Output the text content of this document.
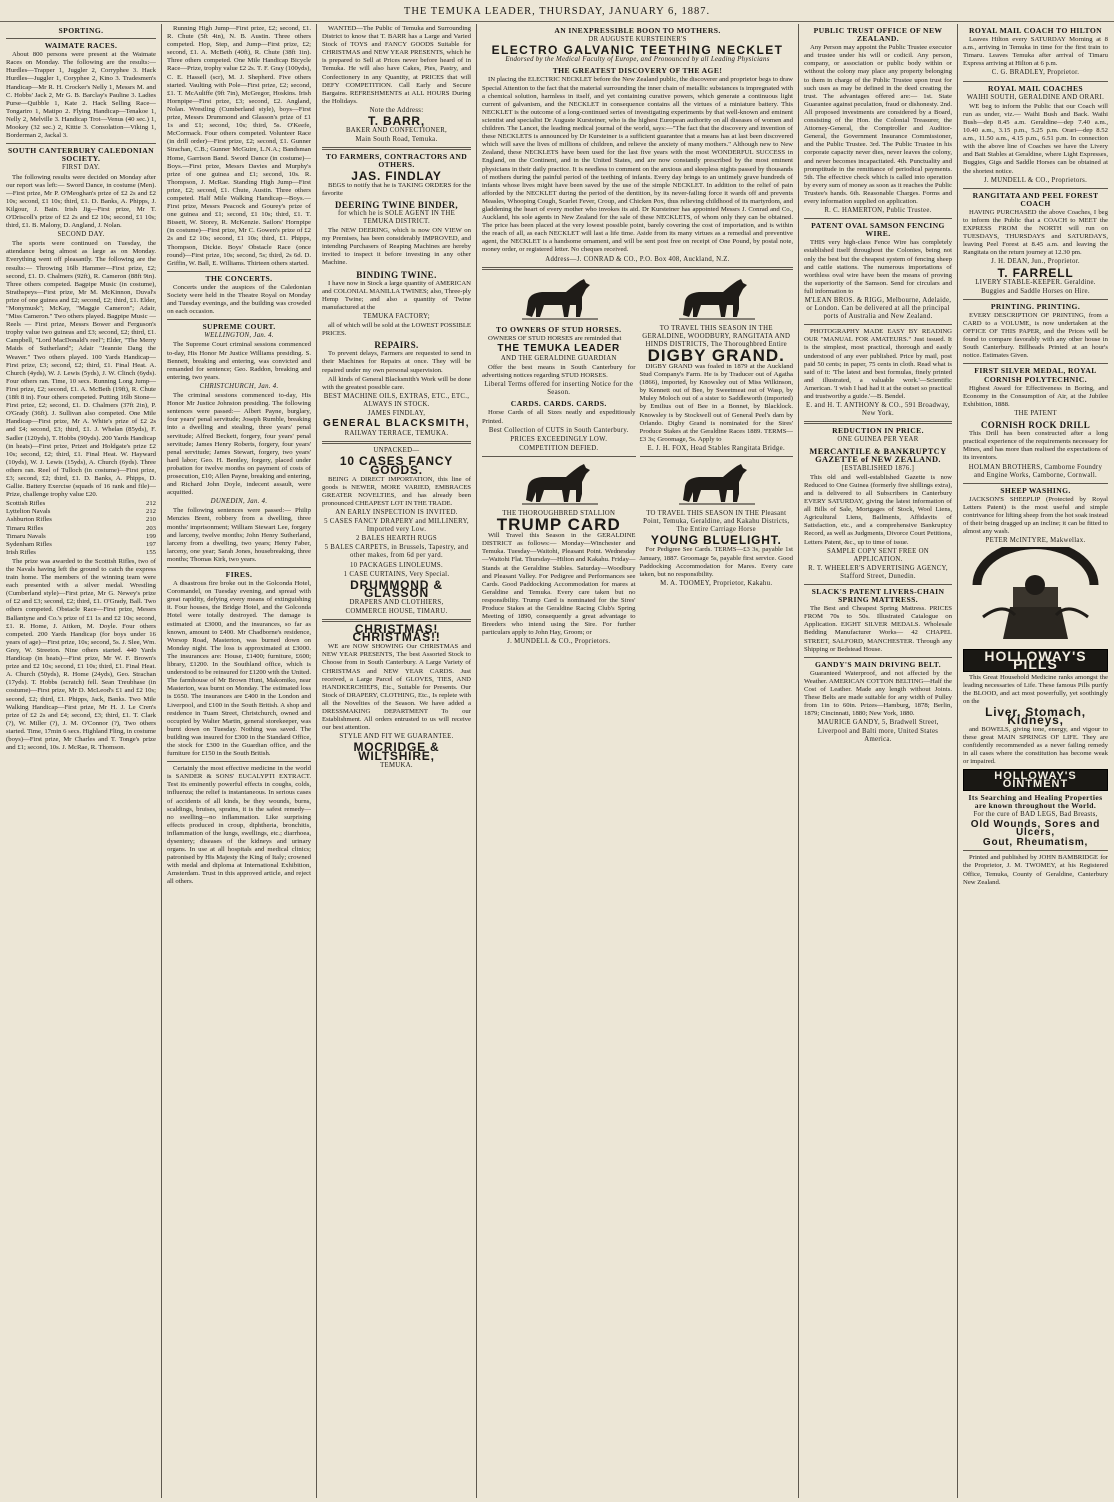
THE TEMUKA LEADER, THURSDAY, JANUARY 6, 1887.
SPORTING.
WAIMATE RACES.
About 800 persons were present at the Waimate Races on Monday. The following are the results:— Hurdles—Trapper 1, Juggler 2, Corryphee 3. Hack Hurdles—Juggler 1, Coryphee 2, Kino 3. Tradesmen's Handicap—Mr R. H. Crocker's Nelly 1, Messrs M. and C. Hobbs' Jack 2, Mr G. B. Barclay's Pauline 3. Ladies Purse—Quibble 1, Kate 2. Hack Selling Race—Tongariro 1, Matipo 2. Flying Handicap—Tenakoe 1, Nelly 2, Melville 3. Handicap Trot—Venus (40 sec.) 1, Mookey (32 sec.) 2, Kittie 3. Consolation—Viking 1, Borderman 2, Jackal 3.
SOUTH CANTERBURY CALEDONIAN SOCIETY.
FIRST DAY.
The following results were decided on Monday after our report was left:— Sword Dance, in costume (Men).—First prize, Mr P. O'Meoghan's prize of £2 2s and £2 10s; second, £1 10s; third, £1. D. Banks, A. Phipps, J. Kilgour, J. Bain. Irish Jig—First prize, Mr T. O'Driscoll's prize of £2 2s and £2 10s; second, £1 10s; third, £1. B. Malony, D. Angland, J. Nolan.
SECOND DAY.
The sports were continued on Tuesday, the attendance being almost as large as on Monday. Everything went off pleasantly. The following are the results:— Throwing 16lb Hammer—First prize, £2; second, £1. D. Chalmers (92ft), R. Cameron (88ft 9in). Three others competed. Bagpipe Music (in costume), Strathspeys—First prize, Mr M. McKinnon, Duval's prize of one guinea and £2; second, £2; third, £1. Elder, "Monymusk"; McKay, "Maggie Cameron"; Adair, "Miss Cameron." Two others played. Bagpipe Music — Reels — First prize, Messrs Bower and Ferguson's trophy value two guineas and £3; second, £2; third, £1. Campbell, "Lord MacDonald's reel"; Elder, "The Merry Maids of Sutherland"; Adair "Jeannie Dang the Weaver." Two others played. 100 Yards Handicap—First prize, £3; second, £2; third, £1. Final Heat. A. Church (4yds), W. J. Lewis (5yds), J. W. Clinch (6yds). Four others ran. Time, 10 secs. Running Long Jump—First prize, £2; second, £1. A. McBeth (19ft), R. Chute (18ft 8 in). Four others competed. Putting 16lb Stone—First prize, £2; second, £1. D. Chalmers (37ft 2in), P. O'Grady (36ft). J. Sullivan also competed. One Mile Handicap—First prize, Mr A. White's prize of £2 2s and £4; second, £3; third, £1. J. Whelan (85yds), F. Sadler (120yds), T. Hobbs (90yds). 200 Yards Handicap (in heats)—First prize, Prizet and Holdgate's prize £2 10s; second, £2; third, £1. Final Heat. W. Hayward (10yds), W. J. Lewis (15yds), A. Church (6yds). Three others ran. Reel of Tulloch (in costume)—First prize, £3; second, £2; third, £1. D. Banks, A. Phipps, D. Gallie. Battery Exercise (squads of 16 rank and file)—Prize, challenge trophy value £20.
Scottish Rifles	212
Lyttelton Navals	212
Ashburton Rifles	210
Timaru Rifles	203
Timaru Navals	199
Sydenham Rifles	197
Irish Rifles	155
The prize was awarded to the Scottish Rifles, two of the Navals having left the ground to catch the express train home. The members of the winning team were each presented with a silver medal. Wrestling (Cumberland style)—First prize, Mr G. Newey's prize of £2 and £3; second, £2; third, £1. O'Grady, Ball. Two others competed. Obstacle Race—First prize, Messrs Ballantyne and Co.'s prize of £1 1s and £2 10s; second, £1. R. Home, J. Aitken, M. Doyle. Four others competed. 200 Yards Handicap (for boys under 16 years of age)—First prize, 10s; second, 5s. J. Slee, Wm. Grey, W. Streeton. Nine others started. 440 Yards Handicap (in heats)—First prize, Mr W. F. Brown's prize and £2 10s; second, £1 10s; third, £1. Final Heat. A. Church (50yds), R. Home (24yds), Geo. Strachan (17yds). T. Hobbs (scratch) fell. Sean Treubhase (in costume)—First prize, Mr D. McLeod's £1 and £2 10s; second, £2; third, £1. Phipps, Jack, Banks. Two Mile Walking Handicap—First prize, Mr H. J. Le Cren's prize of £2 2s and £4; second, £3; third, £1. T. Clark (?), W. Miller (?), J. M. O'Connor (?), Two others started. Time, 17min 6 secs. Highland Fling, in costume (boys)—First prize, Mr Charles and T. Tonge's prize and £1; second, 10s. J. McRae, R. Thomson.
Running High Jump—First prize, £2; second, £1. R. Chute (5ft 4in), N. B. Austin. Three others competed. Hop, Step, and Jump—First prize, £2; second, £1. A. McBeth (40ft), R. Chute (38ft 1in). Three others competed. One Mile Handicap Bicycle Race—Prize, trophy value £2 2s. T. F. Gray (100yds), C. E. Hassell (scr), M. J. Shepherd. Five others started. Vaulting with Pole—First prize, £2; second, £1. T. McAuliffe (9ft 7in), McGregor, Hoskins. Irish Hornpipe—First prize, £3; second, £2. Angland, Nolan. Wrestling (Cumberland style), boys—First prize, Messrs Drummond and Glasson's prize of £1 1s and £1; second, 10s; third, 5s. O'Keefe, McCormack. Four others competed. Volunteer Race (in drill order)—First prize, £2; second, £1. Gunner Strachan, C.B.; Gunner McGuire, L.N.A.; Bandsman Home, Garrison Band. Sword Dance (in costume)—Boys.—First prize, Messrs Davies and Murphy's prize of one guinea and £1; second, 10s. R. Thompson, J. McRae. Standing High Jump—First prize, £2; second, £1. Chute, Austin. Three others competed. Half Mile Walking Handicap—Boys.—First prize, Messrs Peacock and Gourey's prize of one guinea and £1; second, £1 10s; third, £1. T. Bissett, W. Storey, R. McKenzie. Sailors' Hornpipe (in costume)—First prize, Mr C. Gowen's prize of £2 2s and £2 10s; second, £1 10s; third, £1. Phipps, Thompson, Dickie. Boys' Obstacle Race (once round)—First prize, 10s; second, 5s; third, 2s 6d. D. Griffin, W. Ball, E. Williams. Thirteen others started.
THE CONCERTS.
Concerts under the auspices of the Caledonian Society were held in the Theatre Royal on Monday and Tuesday evenings, and the building was crowded on each occasion.
SUPREME COURT.
WELLINGTON, Jan. 4.
The Supreme Court criminal sessions commenced to-day, His Honor Mr Justice Williams presiding. S. Bennett, breaking and entering, was convicted and remanded for sentence; Geo. Raddon, breaking and entering, two years.
CHRISTCHURCH, Jan. 4.
The criminal sessions commenced to-day, His Honor Mr Justice Johnston presiding. The following sentences were passed:— Albert Payne, burglary, four years' penal servitude; Joseph Rumble, breaking into a dwelling and stealing, three years' penal servitude; Alfred Beckett, forgery, four years' penal servitude; James Henry Roberts, forgery, four years' penal servitude; James Stewart, forgery, two years' hard labor; Geo. H. Bentley, forgery, placed under probation for twelve months on payment of costs of prosecution, £10; Allen Payne, breaking and entering, and Richard John Doyle, indecent assault, were acquitted.
DUNEDIN, Jan. 4.
The following sentences were passed:— Philip Menzies Brent, robbery from a dwelling, three months' imprisonment; William Stewart Lee, forgery and larceny, twelve months; John Henry Sutherland, larceny from a dwelling, two years; Henry Faber, larceny, one year; Sarah Jones, housebreaking, three months; Thomas Kirk, two years.
FIRES.
A disastrous fire broke out in the Golconda Hotel, Coromandel, on Tuesday evening, and spread with great rapidity, defying every means of extinguishing it. Four houses, the Bridge Hotel, and the Golconda Hotel were totally destroyed. The damage is estimated at £3000, and the insurances, so far as known, amount to £400. Mr Chadborne's residence, Worsop Road, Masterton, was burned down on Monday night. The loss is approximated at £3000. The insurances are: House, £1400; furniture, £600; library, £1200. In the Southland office, which is understood to be reinsured for £1200 with the United. The farmhouse of Mr Brown Hunt, Makomiko, near Masterton, was burnt on Monday. The estimated loss is £650. The insurances are £400 in the London and Liverpool, and £100 in the South British. A shop and residence in Tuam Street, Christchurch, owned and occupied by Walter Martin, general storekeeper, was burnt down on Tuesday. Nothing was saved. The building was insured for £300 in the Standard Office, the stock for £300 in the Guardian office, and the furniture for £150 in the South British.
Certainly the most effective medicine in the world is SANDER & SONS' EUCALYPTI EXTRACT. Test its eminently powerful effects in coughs, colds, influenza; the relief is instantaneous. In serious cases of accidents of all kinds, be they wounds, burns, scaldings, bruises, sprains, it is the safest remedy—no swelling—no inflammation. Like surprising effects produced in croup, diphtheria, bronchitis, inflammation of the lungs, swellings, etc.; diarrhoea, dysentery; diseases of the kidneys and urinary organs. In use at all hospitals and medical clinics; patronised by His Majesty the King of Italy; crowned with medal and diploma at International Exhibition, Amsterdam. Trust in this approved article, and reject all others.
WANTED—The Public of Temuka and Surrounding District to know that T. BARR has a Large and Varied Stock of TOYS and FANCY GOODS Suitable for CHRISTMAS and NEW YEAR PRESENTS, which he is prepared to Sell at Prices never before heard of in Temuka. He will also have Cakes, Pies, Pastry, and Confectionery in any Quantity, at PRICES that will DEFY COMPETITION. Call Early and Secure Bargains. REFRESHMENTS at ALL HOURS During the Holidays.
Note the Address:
T. BARR,
BAKER AND CONFECTIONER,
Main South Road, Temuka.
TO FARMERS, CONTRACTORS AND OTHERS.
JAS. FINDLAY
BEGS to notify that he is TAKING ORDERS for the favorite
DEERING TWINE BINDER,
for which he is SOLE AGENT IN THE TEMUKA DISTRICT.
The NEW DEERING, which is now ON VIEW on my Premises, has been considerably IMPROVED, and intending Purchasers of Reaping Machines are hereby invited to inspect it before investing in any other Machine.
BINDING TWINE.
I have now in Stock a large quantity of AMERICAN and COLONIAL MANILLA TWINES; also, Three-ply Hemp Twine; and also a quantity of Twine manufactured at the
TEMUKA FACTORY;
all of which will be sold at the LOWEST POSSIBLE PRICES.
REPAIRS.
To prevent delays, Farmers are requested to send in their Machines for Repairs at once. They will be repaired under my own personal supervision.
All kinds of General Blacksmith's Work will be done with the greatest possible care.
BEST MACHINE OILS, EXTRAS, ETC., ETC., ALWAYS IN STOCK.
JAMES FINDLAY,
GENERAL BLACKSMITH,
RAILWAY TERRACE, TEMUKA.
UNPACKED—
10 CASES FANCY GOODS.
BEING A DIRECT IMPORTATION, this line of goods is NEWER, MORE VARIED, EMBRACES GREATER NOVELTIES, and has already been pronounced CHEAPEST LOT IN THE TRADE.
AN EARLY INSPECTION IS INVITED.
5 CASES FANCY DRAPERY and MILLINERY, Imported very Low.
2 BALES HEARTH RUGS
5 BALES CARPETS, in Brussels, Tapestry, and other makes, from 6d per yard.
10 PACKAGES LINOLEUMS.
1 CASE CURTAINS, Very Special.
DRUMMOND & GLASSON
DRAPERS AND CLOTHIERS,
COMMERCE HOUSE, TIMARU.
CHRISTMAS! CHRISTMAS!!
WE are NOW SHOWING Our CHRISTMAS and NEW YEAR PRESENTS, The best Assorted Stock to Choose from in South Canterbury. A Large Variety of CHRISTMAS and NEW YEAR CARDS. Just received, a Large Parcel of GLOVES, TIES, AND HANDKERCHIEFS, Etc., Suitable for Presents. Our Stock of DRAPERY, CLOTHING, Etc., Is replete with all the Novelties of the Season. We have added a DRESSMAKING DEPARTMENT To our Establishment. All orders entrusted to us will receive our best attention.
STYLE AND FIT WE GUARANTEE.
MOCRIDGE & WILTSHIRE,
TEMUKA.
AN INEXPRESSIBLE BOON TO MOTHERS.
DR AUGUSTE KURSTEINER'S
ELECTRO GALVANIC TEETHING NECKLET
Endorsed by the Medical Faculty of Europe, and Pronounced by all Leading Physicians
THE GREATEST DISCOVERY OF THE AGE!
IN placing the ELECTRIC NECKLET before the New Zealand public, the discoverer and proprietor begs to draw Special Attention to the fact that the material surrounding the inner chain of metallic substances is impregnated with a chemical solution, harmless in itself, and yet containing curative powers, which generate a continuous light current of galvanism, and the NECKLET in consequence contains all the virtues of a miniature battery. This NECKLET is the outcome of a long-continued series of investigating experiments by that well-known and eminent scientist and specialist Dr Auguste Kursteiner, who is the highest European authority on all diseases of women and children. The Lancet, the leading medical journal of the world, says:—"The fact that the discovery and invention of these NECKLETS is announced by Dr Kursteiner is a sufficient guarantee that a means has at last been discovered which will save the lives of millions of children, and relieve the anxiety of many mothers." Although new to New Zealand, these NECKLETS have been used for the last five years with the most WONDERFUL SUCCESS in England, on the Continent, and in the United States, and are now constantly prescribed by the most eminent physicians in their daily practice. It is needless to comment on the anxious and sleepless nights passed by thousands of mothers during the painful period of the teething of infants. Every day brings to an untimely grave hundreds of infants whose lives might have been saved by the use of the simple NECKLET. In addition to the relief of pain afforded by the NECKLET during the period of the dentition, by its never-failing force it wards off and prevents Measles, Whooping Cough, Scarlet Fever, Croup, and Chicken Pox, thus relieving childhood of its martyrdom, and gladdening the heart of every mother who invokes its aid. Dr Kursteiner has appointed Messrs J. Conrad and Co., Auckland, his sole agents in New Zealand for the sale of these NECKLETS, of whom only they can be obtained. The price has been placed at the very lowest possible point, barely covering the cost of importation, and is within the reach of all, as each NECKLET will last a life time. Aside from its many virtues as a remedial and preventive agent, the NECKLET is a handsome ornament, and will be sent post free on receipt of One Pound, by postal note, money order, or registered letter. No cheques received.
Address—J. CONRAD & CO., P.O. Box 408, Auckland, N.Z.
TO OWNERS OF STUD HORSES.
OWNERS OF STUD HORSES are reminded that
THE TEMUKA LEADER
AND THE GERALDINE GUARDIAN
Offer the best means in South Canterbury for advertising notices regarding STUD HORSES.
Liberal Terms offered for inserting Notice for the Season.
CARDS. CARDS. CARDS.
Horse Cards of all Sizes neatly and expeditiously Printed.
Best Collection of CUTS in South Canterbury.
PRICES EXCEEDINGLY LOW.
COMPETITION DEFIED.
THE THOROUGHBRED STALLION
TRUMP CARD
Will Travel this Season in the GERALDINE DISTRICT as follows:— Monday—Winchester and Temuka. Tuesday—Waitohi, Pleasant Point. Wednesday—Waitohi Flat. Thursday—Hilton and Kakahu. Friday—Stands at the Geraldine Stables. Saturday—Woodbury and Pleasant Valley. For Pedigree and Performances see Cards. Good Paddocking Accommodation for mares at Geraldine and Temuka. Every care taken but no responsibility. Trump Card is nominated for the Sires' Produce Stakes at the Geraldine Racing Club's Spring Meeting of 1890, consequently a great advantage to Breeders who intend using the Sire. For further particulars apply to John Hay, Groom; or
J. MUNDELL & CO., Proprietors.
TO TRAVEL THIS SEASON IN THE GERALDINE, WOODBURY, RANGITATA AND HINDS DISTRICTS, The Thoroughbred Entire
DIGBY GRAND.
DIGBY GRAND was foaled in 1879 at the Auckland Stud Company's Farm. He is by Traducer out of Agatha (1866), imported, by Knowsley out of Miss Wilkinson, by Kennett out of Bee, by Sweetmeat out of Wasp, by Muley Moloch out of a sister to Saddleworth (imported) by Emilius out of Bee in a Bonnet, by Blacklock. Knowsley is by Stockwell out of General Peel's dam by Orlando. Digby Grand is nominated for the Sires' Produce Stakes at the Geraldine Races 1889. TERMS—£3 3s; Groomage, 5s. Apply to
E. J. H. FOX, Head Stables Rangitata Bridge.
TO TRAVEL THIS SEASON IN THE Pleasant Point, Temuka, Geraldine, and Kakahu Districts, The Entire Carriage Horse
YOUNG BLUELIGHT.
For Pedigree See Cards. TERMS—£3 3s, payable 1st January, 1887. Groomage 5s, payable first service. Good Paddocking Accommodation for Mares. Every care taken, but no responsibility.
M. A. TOOMEY, Proprietor, Kakahu.
PUBLIC TRUST OFFICE OF NEW ZEALAND.
Any Person may appoint the Public Trustee executor and trustee under his will or codicil. Any person, company, or association or public body within or without the colony may place any property belonging to them in charge of the Public Trustee upon trust for such uses as may be defined in the deed creating the trust. The advantages offered are:— 1st. State Guarantee against peculation, fraud or dishonesty. 2nd. All proposed investments are considered by a Board, consisting of the Hon. the Colonial Treasurer, the Attorney-General, the Comptroller and Auditor-General, the Government Insurance Commissioner, and the Public Trustee. 3rd. The Public Trustee in his corporate capacity never dies, never leaves the colony, and never becomes incapacitated. 4th. Punctuality and promptitude in the remittance of periodical payments. 5th. The effective check which is called into operation by every sum of money as soon as it reaches the Public Trustee's hands. 6th. Reasonable Charges. Forms and every information supplied on application.
R. C. HAMERTON, Public Trustee.
PATENT OVAL SAMSON FENCING WIRE.
THIS very high-class Fence Wire has completely established itself throughout the Colonies, being not only the best but the cheapest system of fencing sheep and cattle stations. The numerous importations of worthless oval wire have been the means of proving the superiority of the Samson. Send for circulars and full information to
M'LEAN BROS. & RIGG, Melbourne, Adelaide, or London. Can be delivered at all the principal ports of Australia and New Zealand.
PHOTOGRAPHY MADE EASY BY READING OUR "MANUAL FOR AMATEURS." Just issued. It is the simplest, most practical, thorough and easily understood of any ever published. Price by mail, post paid 50 cents; in paper, 75 cents in cloth. Read what is said of it: 'The latest and best formulas, finely printed and illustrated, a valuable work.'—Scientific American. 'I wish I had had it at the outset so practical and trustworthy a guide.'—B. Bendel.
E. and H. T. ANTHONY & CO., 591 Broadway, New York.
REDUCTION IN PRICE.
ONE GUINEA PER YEAR
MERCANTILE & BANKRUPTCY GAZETTE of NEW ZEALAND.
[ESTABLISHED 1876.]
This old and well-established Gazette is now Reduced to One Guinea (formerly five shillings extra), and is delivered to all Subscribers in Canterbury EVERY SATURDAY, giving the latest information of all Bills of Sale, Mortgages of Stock, Wool Liens, Agricultural Liens, Bailments, Affidavits of Satisfaction, etc., and a comprehensive Bankruptcy Record, as well as Judgments, Divorce Court Petitions, Letters Patent, &c., up to time of issue.
SAMPLE COPY SENT FREE ON APPLICATION.
R. T. WHEELER'S ADVERTISING AGENCY, Stafford Street, Dunedin.
SLACK'S PATENT LIVERS-CHAIN SPRING MATTRESS.
The Best and Cheapest Spring Mattress. PRICES FROM 70s to 50s. Illustrated Catalogue on Application. EIGHT SILVER MEDALS. Wholesale Bedding Manufacturer Works— 42 CHAPEL STREET, SALFORD, MANCHESTER. Through any Shipping or Bedstead House.
GANDY'S MAIN DRIVING BELT.
Guaranteed Waterproof, and not affected by the Weather. AMERICAN COTTON BELTING—Half the Cost of Leather. Made any length without Joints. These Belts are made suitable for any width of Pulley from 1in to 60in. Prizes—Hamburg, 1878; Berlin, 1879; Cincinnati, 1880; New York, 1880.
MAURICE GANDY, 5, Bradwell Street, Liverpool and Balti more, United States America.
ROYAL MAIL COACH TO HILTON
Leaves Hilton every SATURDAY Morning at 8 a.m., arriving in Temuka in time for the first train to Timaru. Leaves Temuka after arrival of Timaru Express arriving at Hilton at 6 p.m.
C. G. BRADLEY, Proprietor.
ROYAL MAIL COACHES
WAIHI SOUTH, GERALDINE AND ORARI.
WE beg to inform the Public that our Coach will run as under, viz.— Waihi Bush and Back. Waihi Bush—dep 8.45 a.m. Geraldine—dep 7.40 a.m., 10.40 a.m., 3.15 p.m., 5.25 p.m. Orari—dep 8.52 a.m., 11.50 a.m., 4.15 p.m., 6.51 p.m. In connection with the above line of Coaches we have the Livery and Bait Stables at Geraldine, where Light Expresses, Buggies, Gigs and Saddle Horses can be obtained at the shortest notice.
J. MUNDELL & CO., Proprietors.
RANGITATA AND PEEL FOREST COACH
HAVING PURCHASED the above Coaches, I beg to inform the Public that a COACH to MEET the EXPRESS FROM the NORTH will run on TUESDAYS, THURSDAYS and SATURDAYS, leaving Peel Forest at 8.45 a.m. and leaving the Rangitata on the return journey at 12.30 pm.
J. H. DEAN, Jun., Proprietor.
T. FARRELL
LIVERY STABLE-KEEPER. Geraldine.
Buggies and Saddle Horses on Hire.
PRINTING. PRINTING.
EVERY DESCRIPTION OF PRINTING, from a CARD to a VOLUME, is now undertaken at the OFFICE OF THIS PAPER, and the Prices will be found to compare favorably with any other house in South Canterbury. Billheads Printed at an hour's notice. Estimates Given.
FIRST SILVER MEDAL, ROYAL CORNISH POLYTECHNIC.
Highest Award for Effectiveness in Boring, and Economy in the Consumption of Air, at the Jubilee Exhibition, 1888.
THE PATENT
CORNISH ROCK DRILL
This Drill has been constructed after a long practical experience of the requirements necessary for Mines, and has more than realised the expectations of its inventors.
HOLMAN BROTHERS, Camborne Foundry and Engine Works, Camborne, Cornwall.
SHEEP WASHING.
JACKSON'S SHEEPLIP (Protected by Royal Letters Patent) is the most useful and simple contrivance for lifting sheep from the hot soak instead of their being dragged up an incline; it can be fitted to almost any wash.
PETER McINTYRE, Makwellax.
FRIEND OF THE PEOPLE
HOLLOWAY'S PILLS
This Great Household Medicine ranks amongst the leading necessaries of Life. These famous Pills purify the BLOOD, and act most powerfully, yet soothingly on the
Liver, Stomach, Kidneys,
and BOWELS, giving tone, energy, and vigour to these great MAIN SPRINGS OF LIFE. They are confidently recommended as a never failing remedy in all cases where the constitution has become weak or impaired.
HOLLOWAY'S OINTMENT
Its Searching and Healing Properties are known throughout the World.
For the cure of BAD LEGS, Bad Breasts,
Old Wounds, Sores and Ulcers,
Gout, Rheumatism,
Printed and published by JOHN BAMBRIDGE for the Proprietor, J. M. TWOMEY, at his Registered Office, Temuka, County of Geraldine, Canterbury New Zealand.
